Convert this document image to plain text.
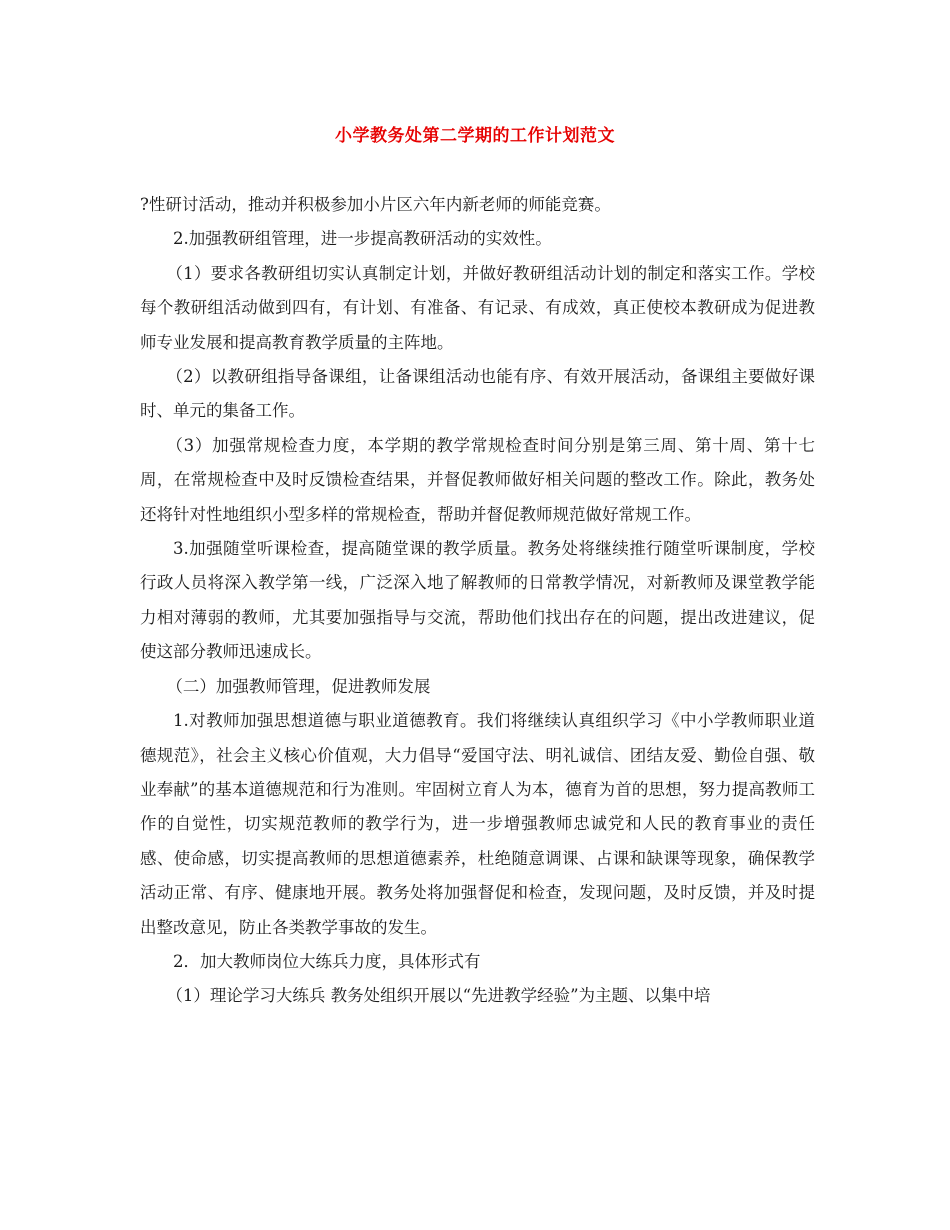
小学教务处第二学期的工作计划范文

?性研讨活动，推动并积极参加小片区六年内新老师的师能竞赛。

2.加强教研组管理，进一步提高教研活动的实效性。

（1）要求各教研组切实认真制定计划，并做好教研组活动计划的制定和落实工作。学校每个教研组活动做到四有，有计划、有准备、有记录、有成效，真正使校本教研成为促进教师专业发展和提高教育教学质量的主阵地。

（2）以教研组指导备课组，让备课组活动也能有序、有效开展活动，备课组主要做好课时、单元的集备工作。

（3）加强常规检查力度，本学期的教学常规检查时间分别是第三周、第十周、第十七周，在常规检查中及时反馈检查结果，并督促教师做好相关问题的整改工作。除此，教务处还将针对性地组织小型多样的常规检查，帮助并督促教师规范做好常规工作。

3.加强随堂听课检查，提高随堂课的教学质量。教务处将继续推行随堂听课制度，学校行政人员将深入教学第一线，广泛深入地了解教师的日常教学情况，对新教师及课堂教学能力相对薄弱的教师，尤其要加强指导与交流，帮助他们找出存在的问题，提出改进建议，促使这部分教师迅速成长。

（二）加强教师管理，促进教师发展

1.对教师加强思想道德与职业道德教育。我们将继续认真组织学习《中小学教师职业道德规范》，社会主义核心价值观，大力倡导“爱国守法、明礼诚信、团结友爱、勤俭自强、敬业奉献”的基本道德规范和行为准则。牢固树立育人为本，德育为首的思想，努力提高教师工作的自觉性，切实规范教师的教学行为，进一步增强教师忠诚党和人民的教育事业的责任感、使命感，切实提高教师的思想道德素养，杜绝随意调课、占课和缺课等现象，确保教学活动正常、有序、健康地开展。教务处将加强督促和检查，发现问题，及时反馈，并及时提出整改意见，防止各类教学事故的发生。

2．加大教师岗位大练兵力度，具体形式有

（1）理论学习大练兵 教务处组织开展以“先进教学经验”为主题、以集中培
